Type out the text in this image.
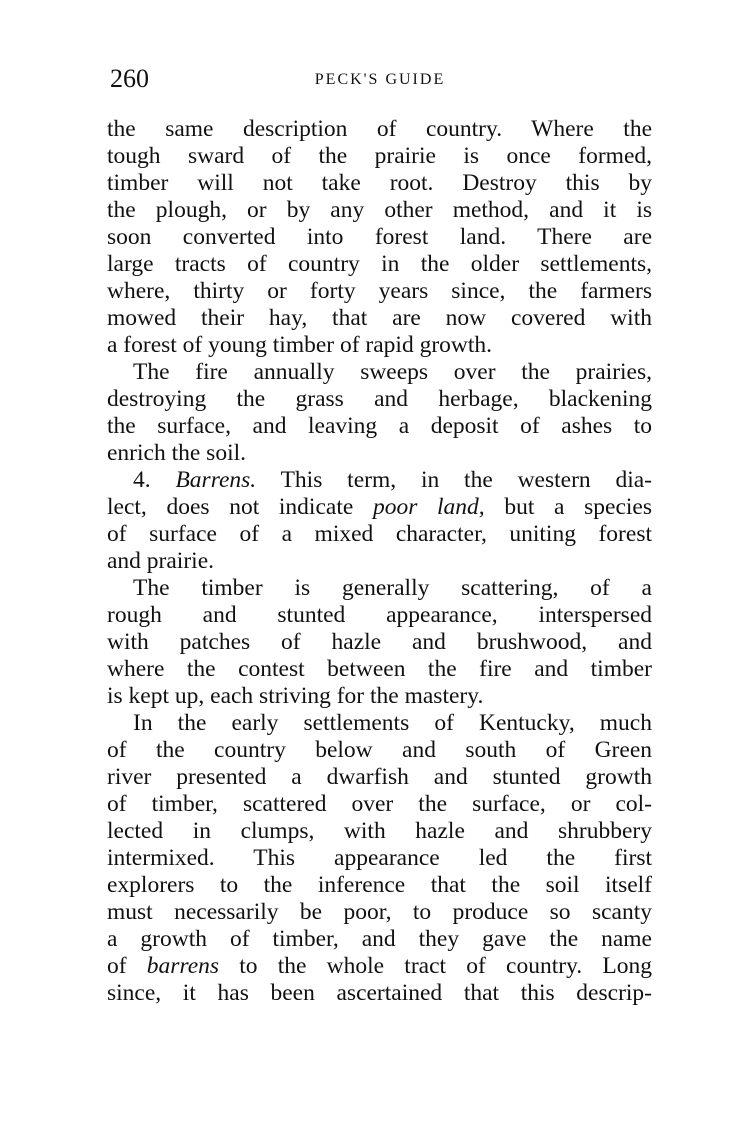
260	PECK'S GUIDE
the same description of country. Where the
tough sward of the prairie is once formed,
timber will not take root. Destroy this by
the plough, or by any other method, and it is
soon converted into forest land. There are
large tracts of country in the older settlements,
where, thirty or forty years since, the farmers
mowed their hay, that are now covered with
a forest of young timber of rapid growth.
The fire annually sweeps over the prairies,
destroying the grass and herbage, blackening
the surface, and leaving a deposit of ashes to
enrich the soil.
4. Barrens. This term, in the western dia-
lect, does not indicate poor land, but a species
of surface of a mixed character, uniting forest
and prairie.
The timber is generally scattering, of a
rough and stunted appearance, interspersed
with patches of hazle and brushwood, and
where the contest between the fire and timber
is kept up, each striving for the mastery.
In the early settlements of Kentucky, much
of the country below and south of Green
river presented a dwarfish and stunted growth
of timber, scattered over the surface, or col-
lected in clumps, with hazle and shrubbery
intermixed. This appearance led the first
explorers to the inference that the soil itself
must necessarily be poor, to produce so scanty
a growth of timber, and they gave the name
of barrens to the whole tract of country. Long
since, it has been ascertained that this descrip-
